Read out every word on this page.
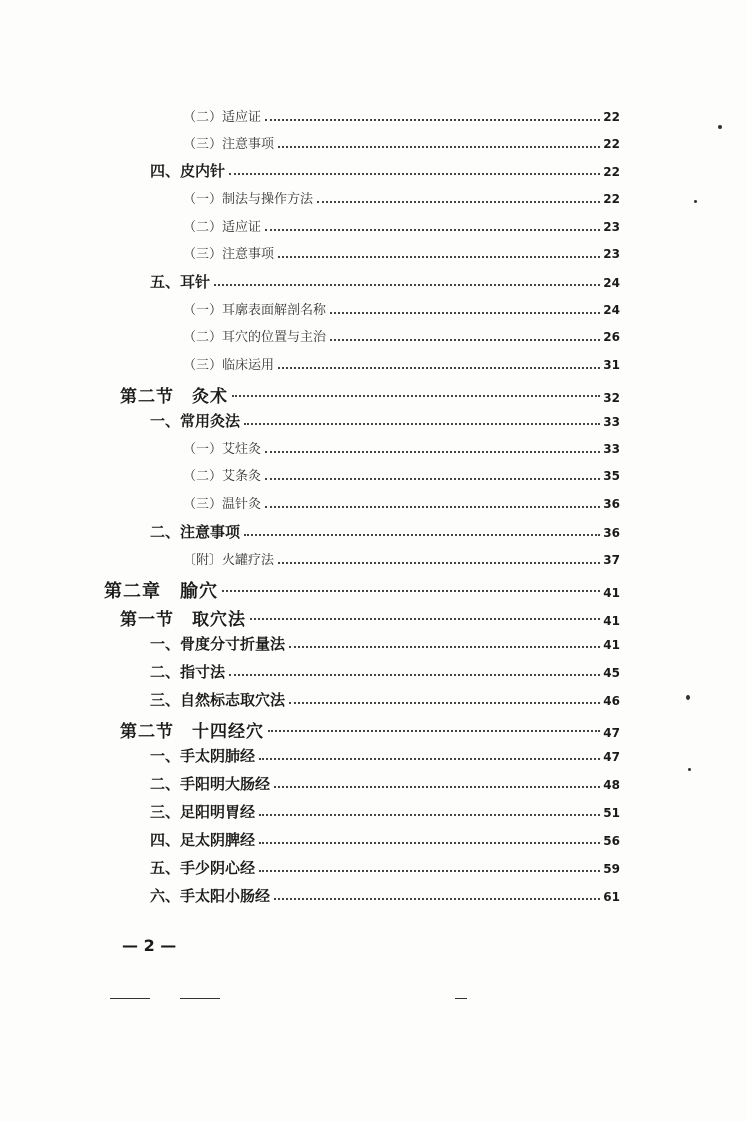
（二）适应证	22
（三）注意事项	22
四、皮内针	22
（一）制法与操作方法	22
（二）适应证	23
（三）注意事项	23
五、耳针	24
（一）耳廓表面解剖名称	24
（二）耳穴的位置与主治	26
（三）临床运用	31
第二节　灸术	32
一、常用灸法	33
（一）艾炷灸	33
（二）艾条灸	35
（三）温针灸	36
二、注意事项	36
〔附〕火罐疗法	37
第二章　腧穴	41
第一节　取穴法	41
一、骨度分寸折量法	41
二、指寸法	45
三、自然标志取穴法	46
第二节　十四经穴	47
一、手太阴肺经	47
二、手阳明大肠经	48
三、足阳明胃经	51
四、足太阴脾经	56
五、手少阴心经	59
六、手太阳小肠经	61
— 2 —
